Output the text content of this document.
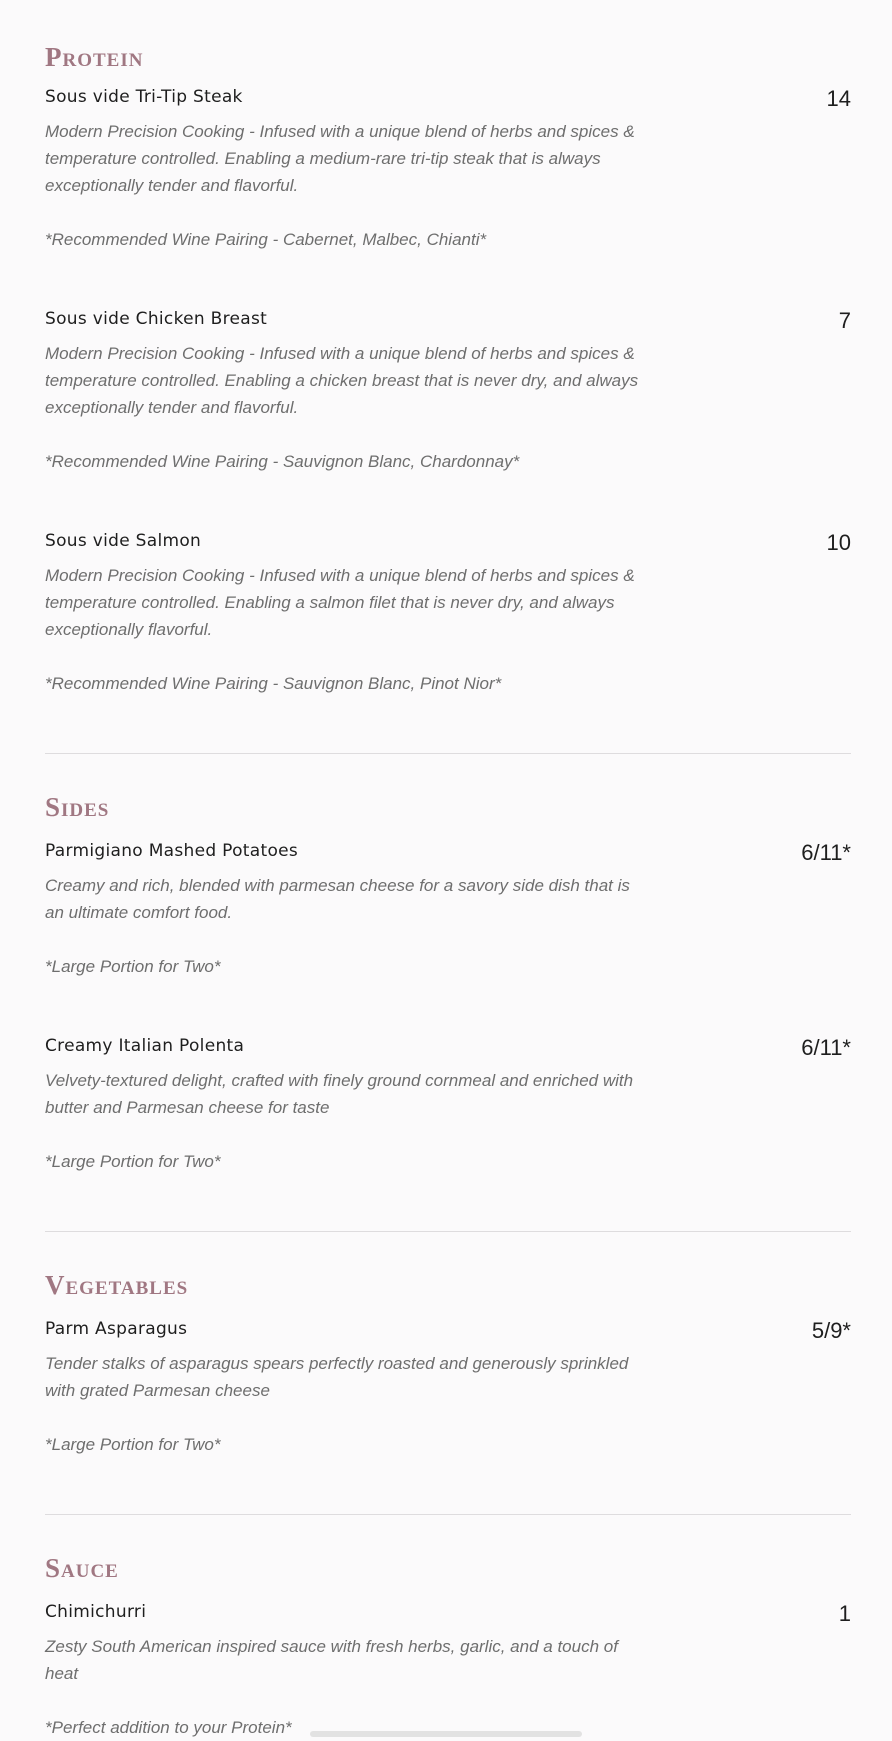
Protein
Sous vide Tri-Tip Steak	14

Modern Precision Cooking - Infused with a unique blend of herbs and spices & temperature controlled. Enabling a medium-rare tri-tip steak that is always exceptionally tender and flavorful.

*Recommended Wine Pairing - Cabernet, Malbec, Chianti*

Sous vide Chicken Breast	7

Modern Precision Cooking - Infused with a unique blend of herbs and spices & temperature controlled. Enabling a chicken breast that is never dry, and always exceptionally tender and flavorful.

*Recommended Wine Pairing - Sauvignon Blanc, Chardonnay*

Sous vide Salmon	10

Modern Precision Cooking - Infused with a unique blend of herbs and spices & temperature controlled. Enabling a salmon filet that is never dry, and always exceptionally flavorful.

*Recommended Wine Pairing - Sauvignon Blanc, Pinot Nior*

Sides
Parmigiano Mashed Potatoes	6/11*

Creamy and rich, blended with parmesan cheese for a savory side dish that is an ultimate comfort food.

*Large Portion for Two*

Creamy Italian Polenta	6/11*

Velvety-textured delight, crafted with finely ground cornmeal and enriched with butter and Parmesan cheese for taste

*Large Portion for Two*

Vegetables
Parm Asparagus	5/9*

Tender stalks of asparagus spears perfectly roasted and generously sprinkled with grated Parmesan cheese

*Large Portion for Two*

Sauce
Chimichurri	1

Zesty South American inspired sauce with fresh herbs, garlic, and a touch of heat

*Perfect addition to your Protein*
